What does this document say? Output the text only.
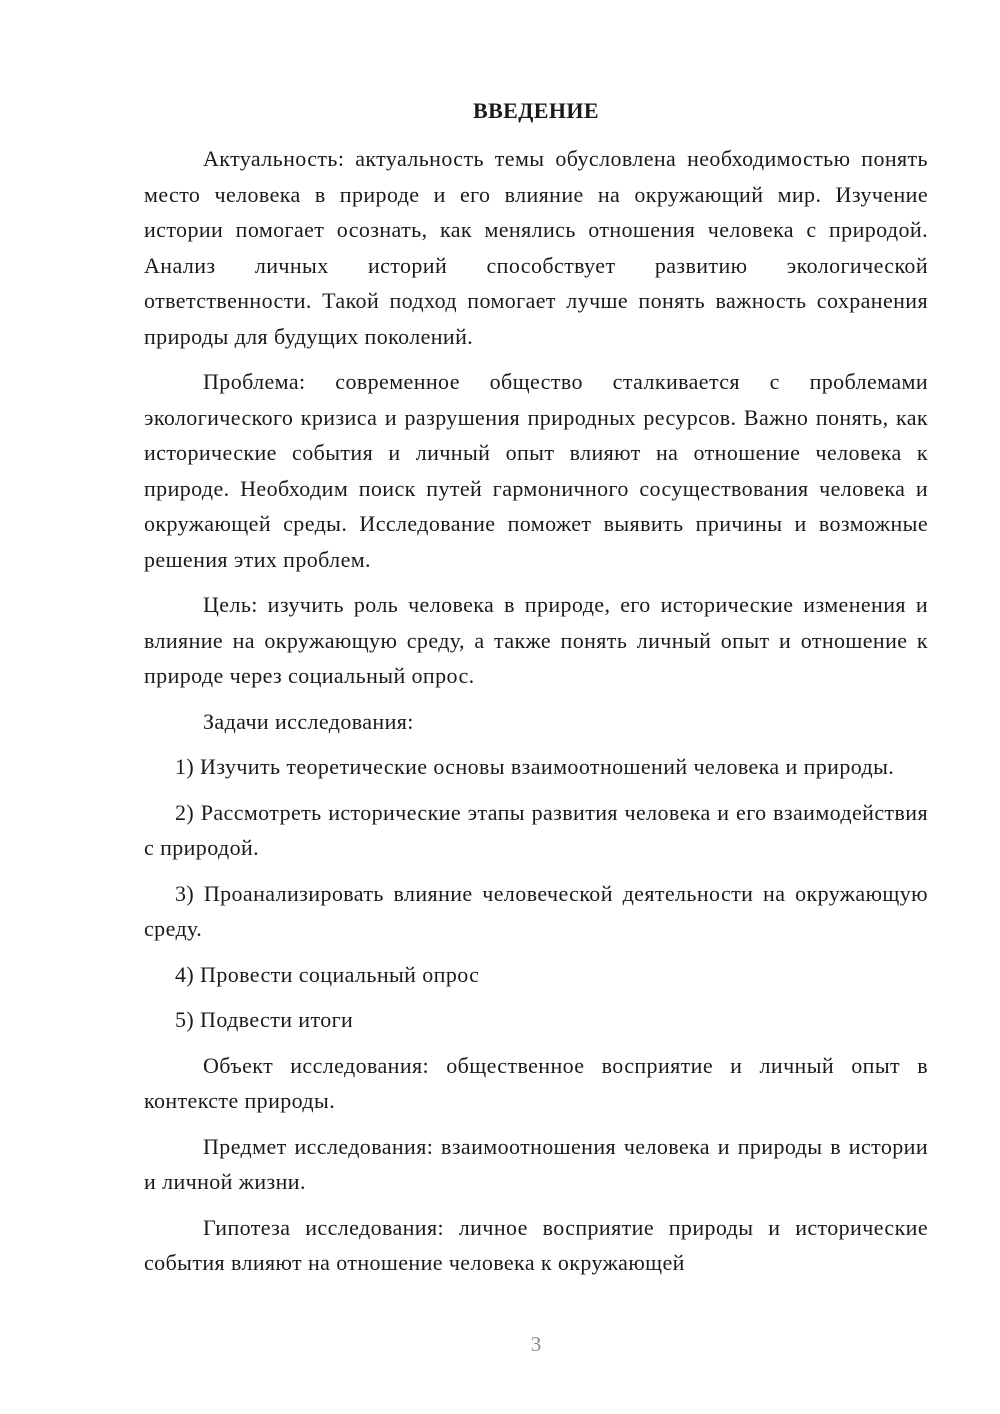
ВВЕДЕНИЕ

Актуальность: актуальность темы обусловлена необходимостью понять место человека в природе и его влияние на окружающий мир. Изучение истории помогает осознать, как менялись отношения человека с природой. Анализ личных историй способствует развитию экологической ответственности. Такой подход помогает лучше понять важность сохранения природы для будущих поколений.

Проблема: современное общество сталкивается с проблемами экологического кризиса и разрушения природных ресурсов. Важно понять, как исторические события и личный опыт влияют на отношение человека к природе. Необходим поиск путей гармоничного сосуществования человека и окружающей среды. Исследование поможет выявить причины и возможные решения этих проблем.

Цель: изучить роль человека в природе, его исторические изменения и влияние на окружающую среду, а также понять личный опыт и отношение к природе через социальный опрос.

Задачи исследования:

1) Изучить теоретические основы взаимоотношений человека и природы.

2) Рассмотреть исторические этапы развития человека и его взаимодействия с природой.

3) Проанализировать влияние человеческой деятельности на окружающую среду.

4) Провести социальный опрос

5) Подвести итоги

Объект исследования: общественное восприятие и личный опыт в контексте природы.

Предмет исследования: взаимоотношения человека и природы в истории и личной жизни.

Гипотеза исследования: личное восприятие природы и исторические события влияют на отношение человека к окружающей

3
